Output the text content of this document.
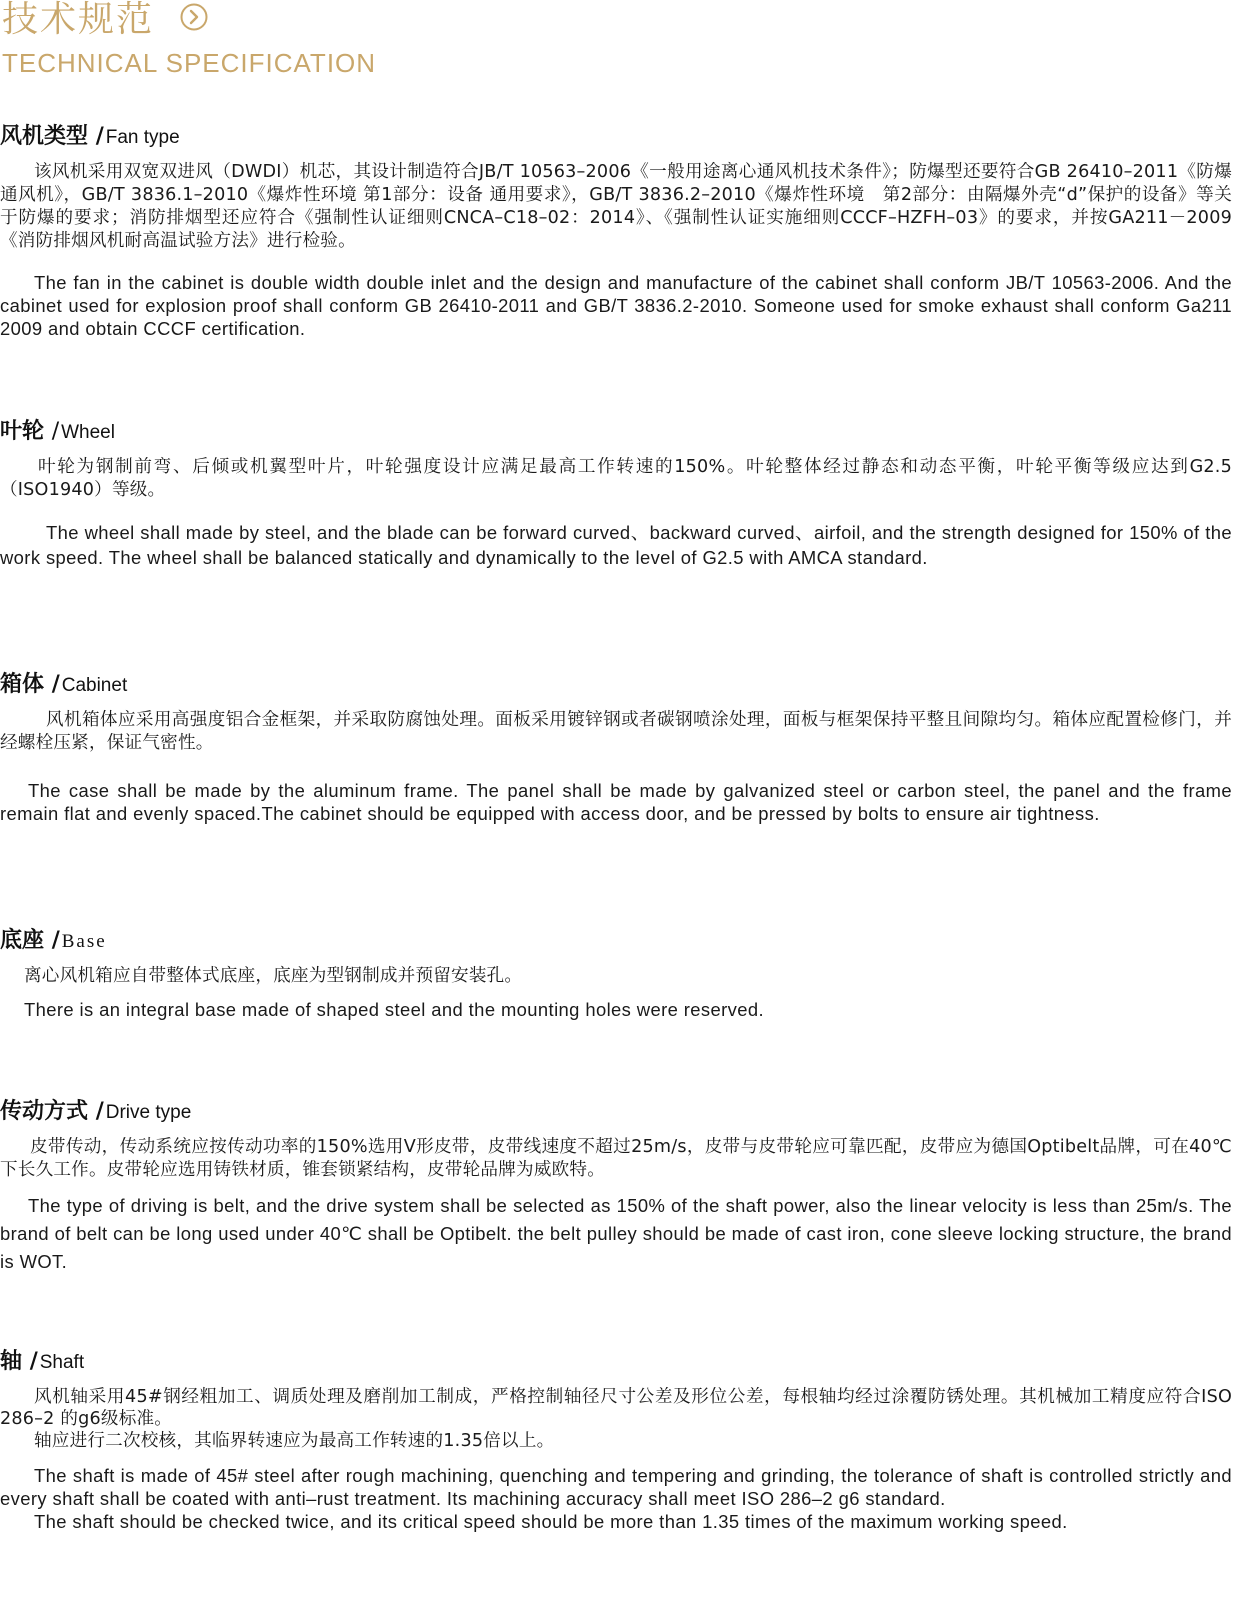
技术规范
TECHNICAL SPECIFICATION
风机类型 / Fan type

该风机采用双宽双进风（DWDI）机芯，其设计制造符合JB/T 10563–2006《一般用途离心通风机技术条件》；防爆型还要符合GB 26410–2011《防爆通风机》，GB/T 3836.1–2010《爆炸性环境 第1部分：设备 通用要求》，GB/T 3836.2–2010《爆炸性环境　第2部分：由隔爆外壳“d”保护的设备》等关于防爆的要求；消防排烟型还应符合《强制性认证细则CNCA–C18–02：2014》、《强制性认证实施细则CCCF–HZFH–03》的要求，并按GA211－2009《消防排烟风机耐高温试验方法》进行检验。

The fan in the cabinet is double width double inlet and the design and manufacture of the cabinet shall conform JB/T 10563-2006. And the cabinet used for explosion proof shall conform GB 26410-2011 and GB/T 3836.2-2010. Someone used for smoke exhaust shall conform Ga211 2009 and obtain CCCF certification.

叶轮 / Wheel

叶轮为钢制前弯、后倾或机翼型叶片，叶轮强度设计应满足最高工作转速的150%。叶轮整体经过静态和动态平衡，叶轮平衡等级应达到G2.5（ISO1940）等级。

The wheel shall made by steel, and the blade can be forward curved、backward curved、airfoil, and the strength designed for 150% of the work speed. The wheel shall be balanced statically and dynamically to the level of G2.5 with AMCA standard.

箱体 / Cabinet

风机箱体应采用高强度铝合金框架，并采取防腐蚀处理。面板采用镀锌钢或者碳钢喷涂处理，面板与框架保持平整且间隙均匀。箱体应配置检修门，并经螺栓压紧，保证气密性。

The case shall be made by the aluminum frame. The panel shall be made by galvanized steel or carbon steel, the panel and the frame remain flat and evenly spaced.The cabinet should be equipped with access door, and be pressed by bolts to ensure air tightness.

底座 / Base

离心风机箱应自带整体式底座，底座为型钢制成并预留安装孔。

There is an integral base made of shaped steel and the mounting holes were reserved.

传动方式 / Drive type

皮带传动，传动系统应按传动功率的150%选用V形皮带，皮带线速度不超过25m/s，皮带与皮带轮应可靠匹配，皮带应为德国Optibelt品牌，可在40℃下长久工作。皮带轮应选用铸铁材质，锥套锁紧结构，皮带轮品牌为威欧特。

The type of driving is belt, and the drive system shall be selected as 150% of the shaft power, also the linear velocity is less than 25m/s. The brand of belt can be long used under 40℃ shall be Optibelt. the belt pulley should be made of cast iron, cone sleeve locking structure, the brand is WOT.

轴 / Shaft

风机轴采用45#钢经粗加工、调质处理及磨削加工制成，严格控制轴径尺寸公差及形位公差，每根轴均经过涂覆防锈处理。其机械加工精度应符合ISO 286–2 的g6级标准。

轴应进行二次校核，其临界转速应为最高工作转速的1.35倍以上。

The shaft is made of 45# steel after rough machining, quenching and tempering and grinding, the tolerance of shaft is controlled strictly and every shaft shall be coated with anti–rust treatment. Its machining accuracy shall meet ISO 286–2 g6 standard.

The shaft should be checked twice, and its critical speed should be more than 1.35 times of the maximum working speed.
